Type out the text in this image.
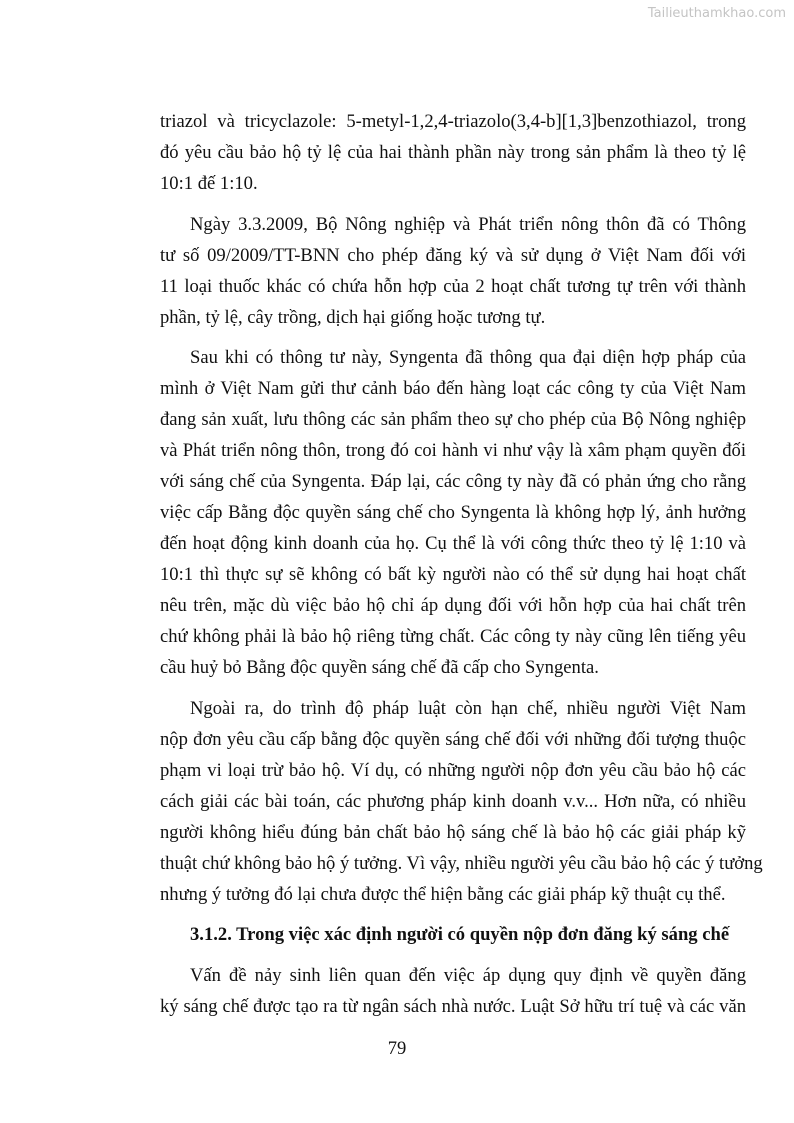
Tailieuthamkhao.com
triazol và tricyclazole: 5-metyl-1,2,4-triazolo(3,4-b][1,3]benzothiazol, trong
đó yêu cầu bảo hộ tỷ lệ của hai thành phần này trong sản phẩm là theo tỷ lệ
10:1 đế 1:10.
Ngày 3.3.2009, Bộ Nông nghiệp và Phát triển nông thôn đã có Thông
tư số 09/2009/TT-BNN cho phép đăng ký và sử dụng ở Việt Nam đối với
11 loại thuốc khác có chứa hỗn hợp của 2 hoạt chất tương tự trên với thành
phần, tỷ lệ, cây trồng, dịch hại giống hoặc tương tự.
Sau khi có thông tư này, Syngenta đã thông qua đại diện hợp pháp của
mình ở Việt Nam gửi thư cảnh báo đến hàng loạt các công ty của Việt Nam
đang sản xuất, lưu thông các sản phẩm theo sự cho phép của Bộ Nông nghiệp
và Phát triển nông thôn, trong đó coi hành vi như vậy là xâm phạm quyền đối
với sáng chế của Syngenta. Đáp lại, các công ty này đã có phản ứng cho rằng
việc cấp Bằng độc quyền sáng chế cho Syngenta là không hợp lý, ảnh hưởng
đến hoạt động kinh doanh của họ. Cụ thể là với công thức theo tỷ lệ 1:10 và
10:1 thì thực sự sẽ không có bất kỳ người nào có thể sử dụng hai hoạt chất
nêu trên, mặc dù việc bảo hộ chỉ áp dụng đối với hỗn hợp của hai chất trên
chứ không phải là bảo hộ riêng từng chất. Các công ty này cũng lên tiếng yêu
cầu huỷ bỏ Bằng độc quyền sáng chế đã cấp cho Syngenta.
Ngoài ra, do trình độ pháp luật còn hạn chế, nhiều người Việt Nam
nộp đơn yêu cầu cấp bằng độc quyền sáng chế đối với những đối tượng thuộc
phạm vi loại trừ bảo hộ. Ví dụ, có những người nộp đơn yêu cầu bảo hộ các
cách giải các bài toán, các phương pháp kinh doanh v.v... Hơn nữa, có nhiều
người không hiểu đúng bản chất bảo hộ sáng chế là bảo hộ các giải pháp kỹ
thuật chứ không bảo hộ ý tưởng. Vì vậy, nhiều người yêu cầu bảo hộ các ý tưởng
nhưng ý tưởng đó lại chưa được thể hiện bằng các giải pháp kỹ thuật cụ thể.
3.1.2. Trong việc xác định người có quyền nộp đơn đăng ký sáng chế
Vấn đề nảy sinh liên quan đến việc áp dụng quy định về quyền đăng
ký sáng chế được tạo ra từ ngân sách nhà nước. Luật Sở hữu trí tuệ và các văn
79
